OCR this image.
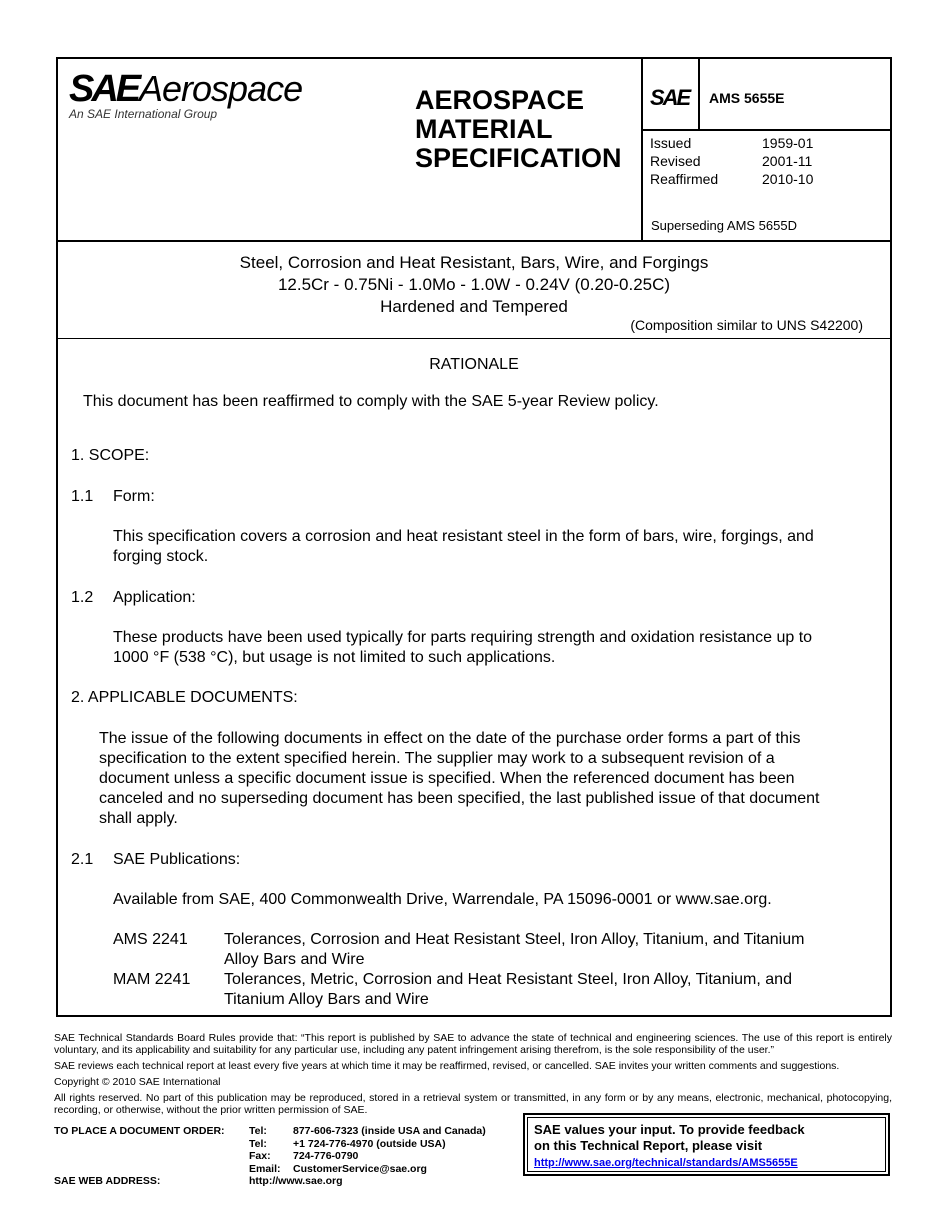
SAE Aerospace
An SAE International Group	AEROSPACE
MATERIAL
SPECIFICATION
SAE AMS 5655E
Issued	1959-01
Revised	2001-11
Reaffirmed	2010-10
Superseding AMS 5655D
Steel, Corrosion and Heat Resistant, Bars, Wire, and Forgings
12.5Cr - 0.75Ni - 1.0Mo - 1.0W - 0.24V (0.20-0.25C)
Hardened and Tempered
(Composition similar to UNS S42200)
RATIONALE
This document has been reaffirmed to comply with the SAE 5-year Review policy.
1. SCOPE:
1.1 Form:
This specification covers a corrosion and heat resistant steel in the form of bars, wire, forgings, and
forging stock.
1.2 Application:
These products have been used typically for parts requiring strength and oxidation resistance up to
1000 °F (538 °C), but usage is not limited to such applications.
2. APPLICABLE DOCUMENTS:
The issue of the following documents in effect on the date of the purchase order forms a part of this
specification to the extent specified herein. The supplier may work to a subsequent revision of a
document unless a specific document issue is specified. When the referenced document has been
canceled and no superseding document has been specified, the last published issue of that document
shall apply.
2.1 SAE Publications:
Available from SAE, 400 Commonwealth Drive, Warrendale, PA 15096-0001 or www.sae.org.
AMS 2241 Tolerances, Corrosion and Heat Resistant Steel, Iron Alloy, Titanium, and Titanium
Alloy Bars and Wire
MAM 2241 Tolerances, Metric, Corrosion and Heat Resistant Steel, Iron Alloy, Titanium, and
Titanium Alloy Bars and Wire

SAE Technical Standards Board Rules provide that: “This report is published by SAE to advance the state of technical and engineering sciences. The use of this report is entirely voluntary, and its applicability and suitability for any particular use, including any patent infringement arising therefrom, is the sole responsibility of the user.”

SAE reviews each technical report at least every five years at which time it may be reaffirmed, revised, or cancelled. SAE invites your written comments and suggestions.

Copyright © 2010 SAE International

All rights reserved. No part of this publication may be reproduced, stored in a retrieval system or transmitted, in any form or by any means, electronic, mechanical, photocopying, recording, or otherwise, without the prior written permission of SAE.

TO PLACE A DOCUMENT ORDER:	Tel:	877-606-7323 (inside USA and Canada)
Tel:	+1 724-776-4970 (outside USA)
Fax:	724-776-0790
Email:	CustomerService@sae.org
SAE WEB ADDRESS:	http://www.sae.org
SAE values your input. To provide feedback
on this Technical Report, please visit
http://www.sae.org/technical/standards/AMS5655E
